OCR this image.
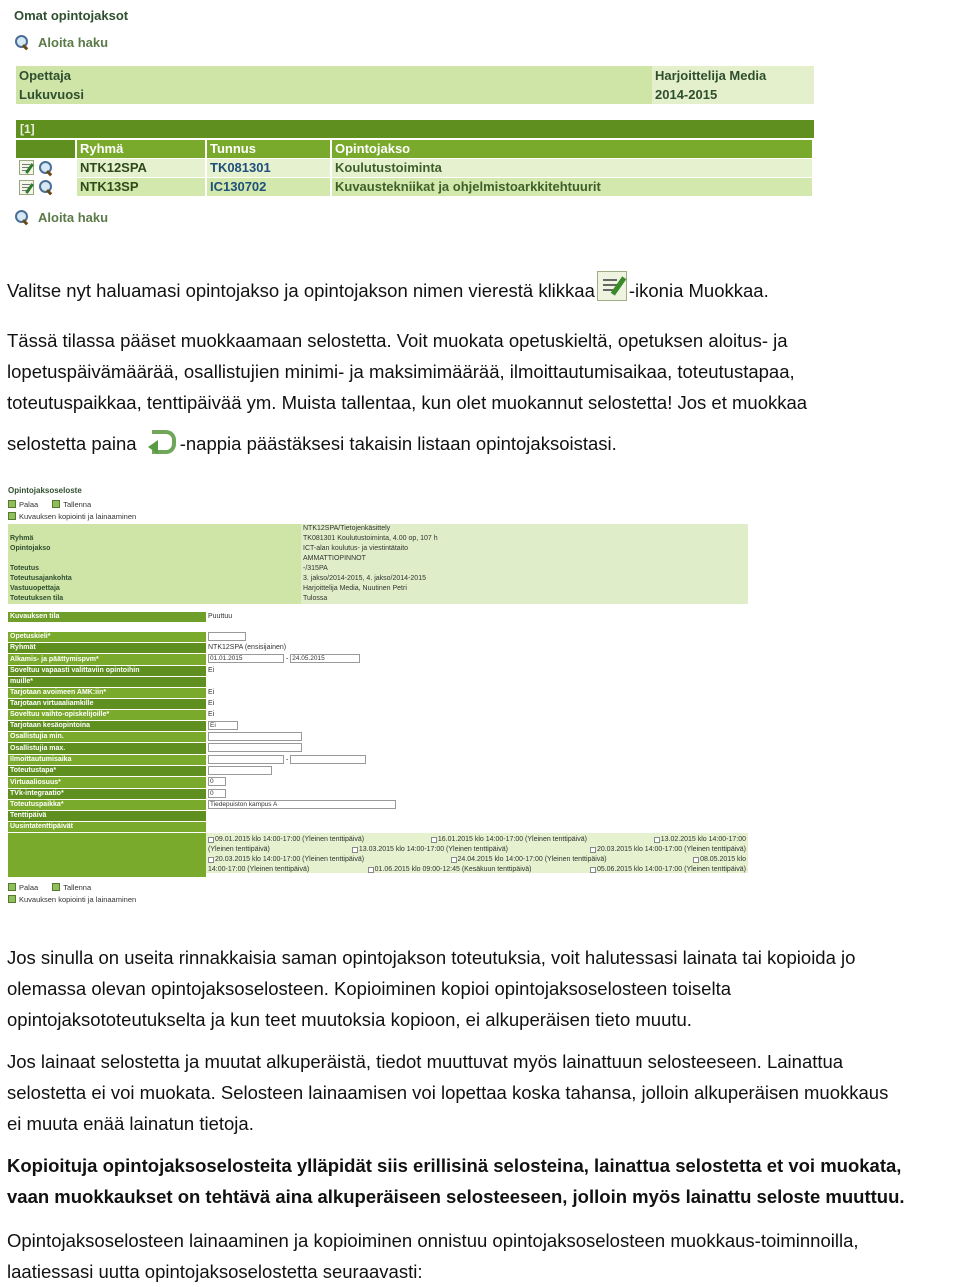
Omat opintojaksot
Aloita haku
Opettaja	Harjoittelija Media
Lukuvuosi	2014-2015
[1]
	Ryhmä	Tunnus	Opintojakso
	NTK12SPA	TK081301	Koulutustoiminta
	NTK13SP	IC130702	Kuvaustekniikat ja ohjelmistoarkkitehtuurit
Aloita haku
Valitse nyt haluamasi opintojakso ja opintojakson nimen vierestä klikkaa -ikonia Muokkaa.
Tässä tilassa pääset muokkaamaan selostetta. Voit muokata opetuskieltä, opetuksen aloitus- ja
lopetuspäivämäärää, osallistujien minimi- ja maksimimäärää, ilmoittautumisaikaa, toteutustapaa,
toteutuspaikkaa, tenttipäivää ym. Muista tallentaa, kun olet muokannut selostetta! Jos et muokkaa
selostetta paina -nappia päästäksesi takaisin listaan opintojaksoistasi.
Opintojaksoseloste
Palaa	Tallenna
Kuvauksen kopiointi ja lainaaminen
	NTK12SPA/Tietojenkäsittely
Ryhmä	TK081301 Koulutustoiminta, 4.00 op, 107 h
Opintojakso	ICT-alan koulutus- ja viestintätaito
	AMMATTIOPINNOT
Toteutus	-/315PA
Toteutusajankohta	3. jakso/2014-2015, 4. jakso/2014-2015
Vastuuopettaja	Harjoittelija Media, Nuutinen Petri
Toteutuksen tila	Tulossa
Kuvauksen tila	Puuttuu
Opetuskieli*	
Ryhmät	NTK12SPA (ensisijainen)
Alkamis- ja päättymispvm*	01.01.2015 - 24.05.2015
Soveltuu vapaasti valittaviin opintoihin	Ei
muille*	
Tarjotaan avoimeen AMK:iin*	Ei
Tarjotaan virtuaaliamkille	Ei
Soveltuu vaihto-opiskelijoille*	Ei
Tarjotaan kesäopintoina	Ei
Osallistujia min.	
Osallistujia max.	
Ilmoittautumisaika	-
Toteutustapa*	
Virtuaaliosuus*	0
TVk-integraatio*	0
Toteutuspaikka*	Tiedepuiston kampus A
Tenttipäivä	
Uusintatenttipäivät	
09.01.2015 klo 14:00-17:00 (Yleinen tenttipäivä)	16.01.2015 klo 14:00-17:00 (Yleinen tenttipäivä)	13.02.2015 klo 14:00-17:00
(Yleinen tenttipäivä)	13.03.2015 klo 14:00-17:00 (Yleinen tenttipäivä)	20.03.2015 klo 14:00-17:00 (Yleinen tenttipäivä)
20.03.2015 klo 14:00-17:00 (Yleinen tenttipäivä)	24.04.2015 klo 14:00-17:00 (Yleinen tenttipäivä)	08.05.2015 klo
14:00-17:00 (Yleinen tenttipäivä)	01.06.2015 klo 09:00-12:45 (Kesäkuun tenttipäivä)	05.06.2015 klo 14:00-17:00 (Yleinen tenttipäivä)
Palaa	Tallenna
Kuvauksen kopiointi ja lainaaminen
Jos sinulla on useita rinnakkaisia saman opintojakson toteutuksia, voit halutessasi lainata tai kopioida jo
olemassa olevan opintojaksoselosteen. Kopioiminen kopioi opintojaksoselosteen toiselta
opintojaksototeutukselta ja kun teet muutoksia kopioon, ei alkuperäisen tieto muutu.
Jos lainaat selostetta ja muutat alkuperäistä, tiedot muuttuvat myös lainattuun selosteeseen. Lainattua
selostetta ei voi muokata. Selosteen lainaamisen voi lopettaa koska tahansa, jolloin alkuperäisen muokkaus
ei muuta enää lainatun tietoja.
Kopioituja opintojaksoselosteita ylläpidät siis erillisinä selosteina, lainattua selostetta et voi muokata,
vaan muokkaukset on tehtävä aina alkuperäiseen selosteeseen, jolloin myös lainattu seloste muuttuu.
Opintojaksoselosteen lainaaminen ja kopioiminen onnistuu opintojaksoselosteen muokkaus-toiminnoilla,
laatiessasi uutta opintojaksoselostetta seuraavasti:
